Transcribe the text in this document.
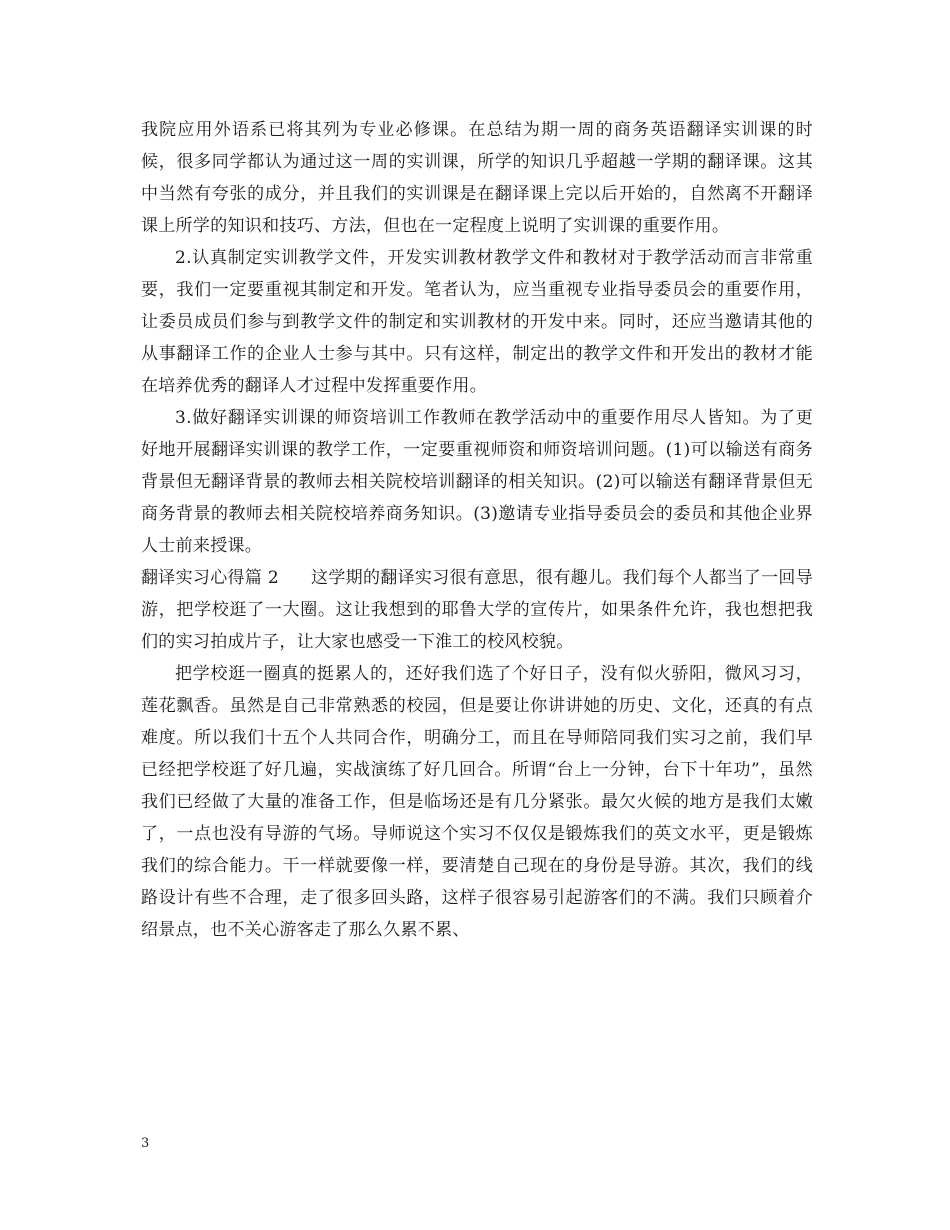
我院应用外语系已将其列为专业必修课。在总结为期一周的商务英语翻译实训课的时候，很多同学都认为通过这一周的实训课，所学的知识几乎超越一学期的翻译课。这其中当然有夸张的成分，并且我们的实训课是在翻译课上完以后开始的，自然离不开翻译课上所学的知识和技巧、方法，但也在一定程度上说明了实训课的重要作用。

2.认真制定实训教学文件，开发实训教材教学文件和教材对于教学活动而言非常重要，我们一定要重视其制定和开发。笔者认为，应当重视专业指导委员会的重要作用，让委员成员们参与到教学文件的制定和实训教材的开发中来。同时，还应当邀请其他的从事翻译工作的企业人士参与其中。只有这样，制定出的教学文件和开发出的教材才能在培养优秀的翻译人才过程中发挥重要作用。

3.做好翻译实训课的师资培训工作教师在教学活动中的重要作用尽人皆知。为了更好地开展翻译实训课的教学工作，一定要重视师资和师资培训问题。(1)可以输送有商务背景但无翻译背景的教师去相关院校培训翻译的相关知识。(2)可以输送有翻译背景但无商务背景的教师去相关院校培养商务知识。(3)邀请专业指导委员会的委员和其他企业界人士前来授课。

翻译实习心得篇 2 这学期的翻译实习很有意思，很有趣儿。我们每个人都当了一回导游，把学校逛了一大圈。这让我想到的耶鲁大学的宣传片，如果条件允许，我也想把我们的实习拍成片子，让大家也感受一下淮工的校风校貌。

把学校逛一圈真的挺累人的，还好我们选了个好日子，没有似火骄阳，微风习习，莲花飘香。虽然是自己非常熟悉的校园，但是要让你讲讲她的历史、文化，还真的有点难度。所以我们十五个人共同合作，明确分工，而且在导师陪同我们实习之前，我们早已经把学校逛了好几遍，实战演练了好几回合。所谓“台上一分钟，台下十年功”，虽然我们已经做了大量的准备工作，但是临场还是有几分紧张。最欠火候的地方是我们太嫩了，一点也没有导游的气场。导师说这个实习不仅仅是锻炼我们的英文水平，更是锻炼我们的综合能力。干一样就要像一样，要清楚自己现在的身份是导游。其次，我们的线路设计有些不合理，走了很多回头路，这样子很容易引起游客们的不满。我们只顾着介绍景点，也不关心游客走了那么久累不累、

3
